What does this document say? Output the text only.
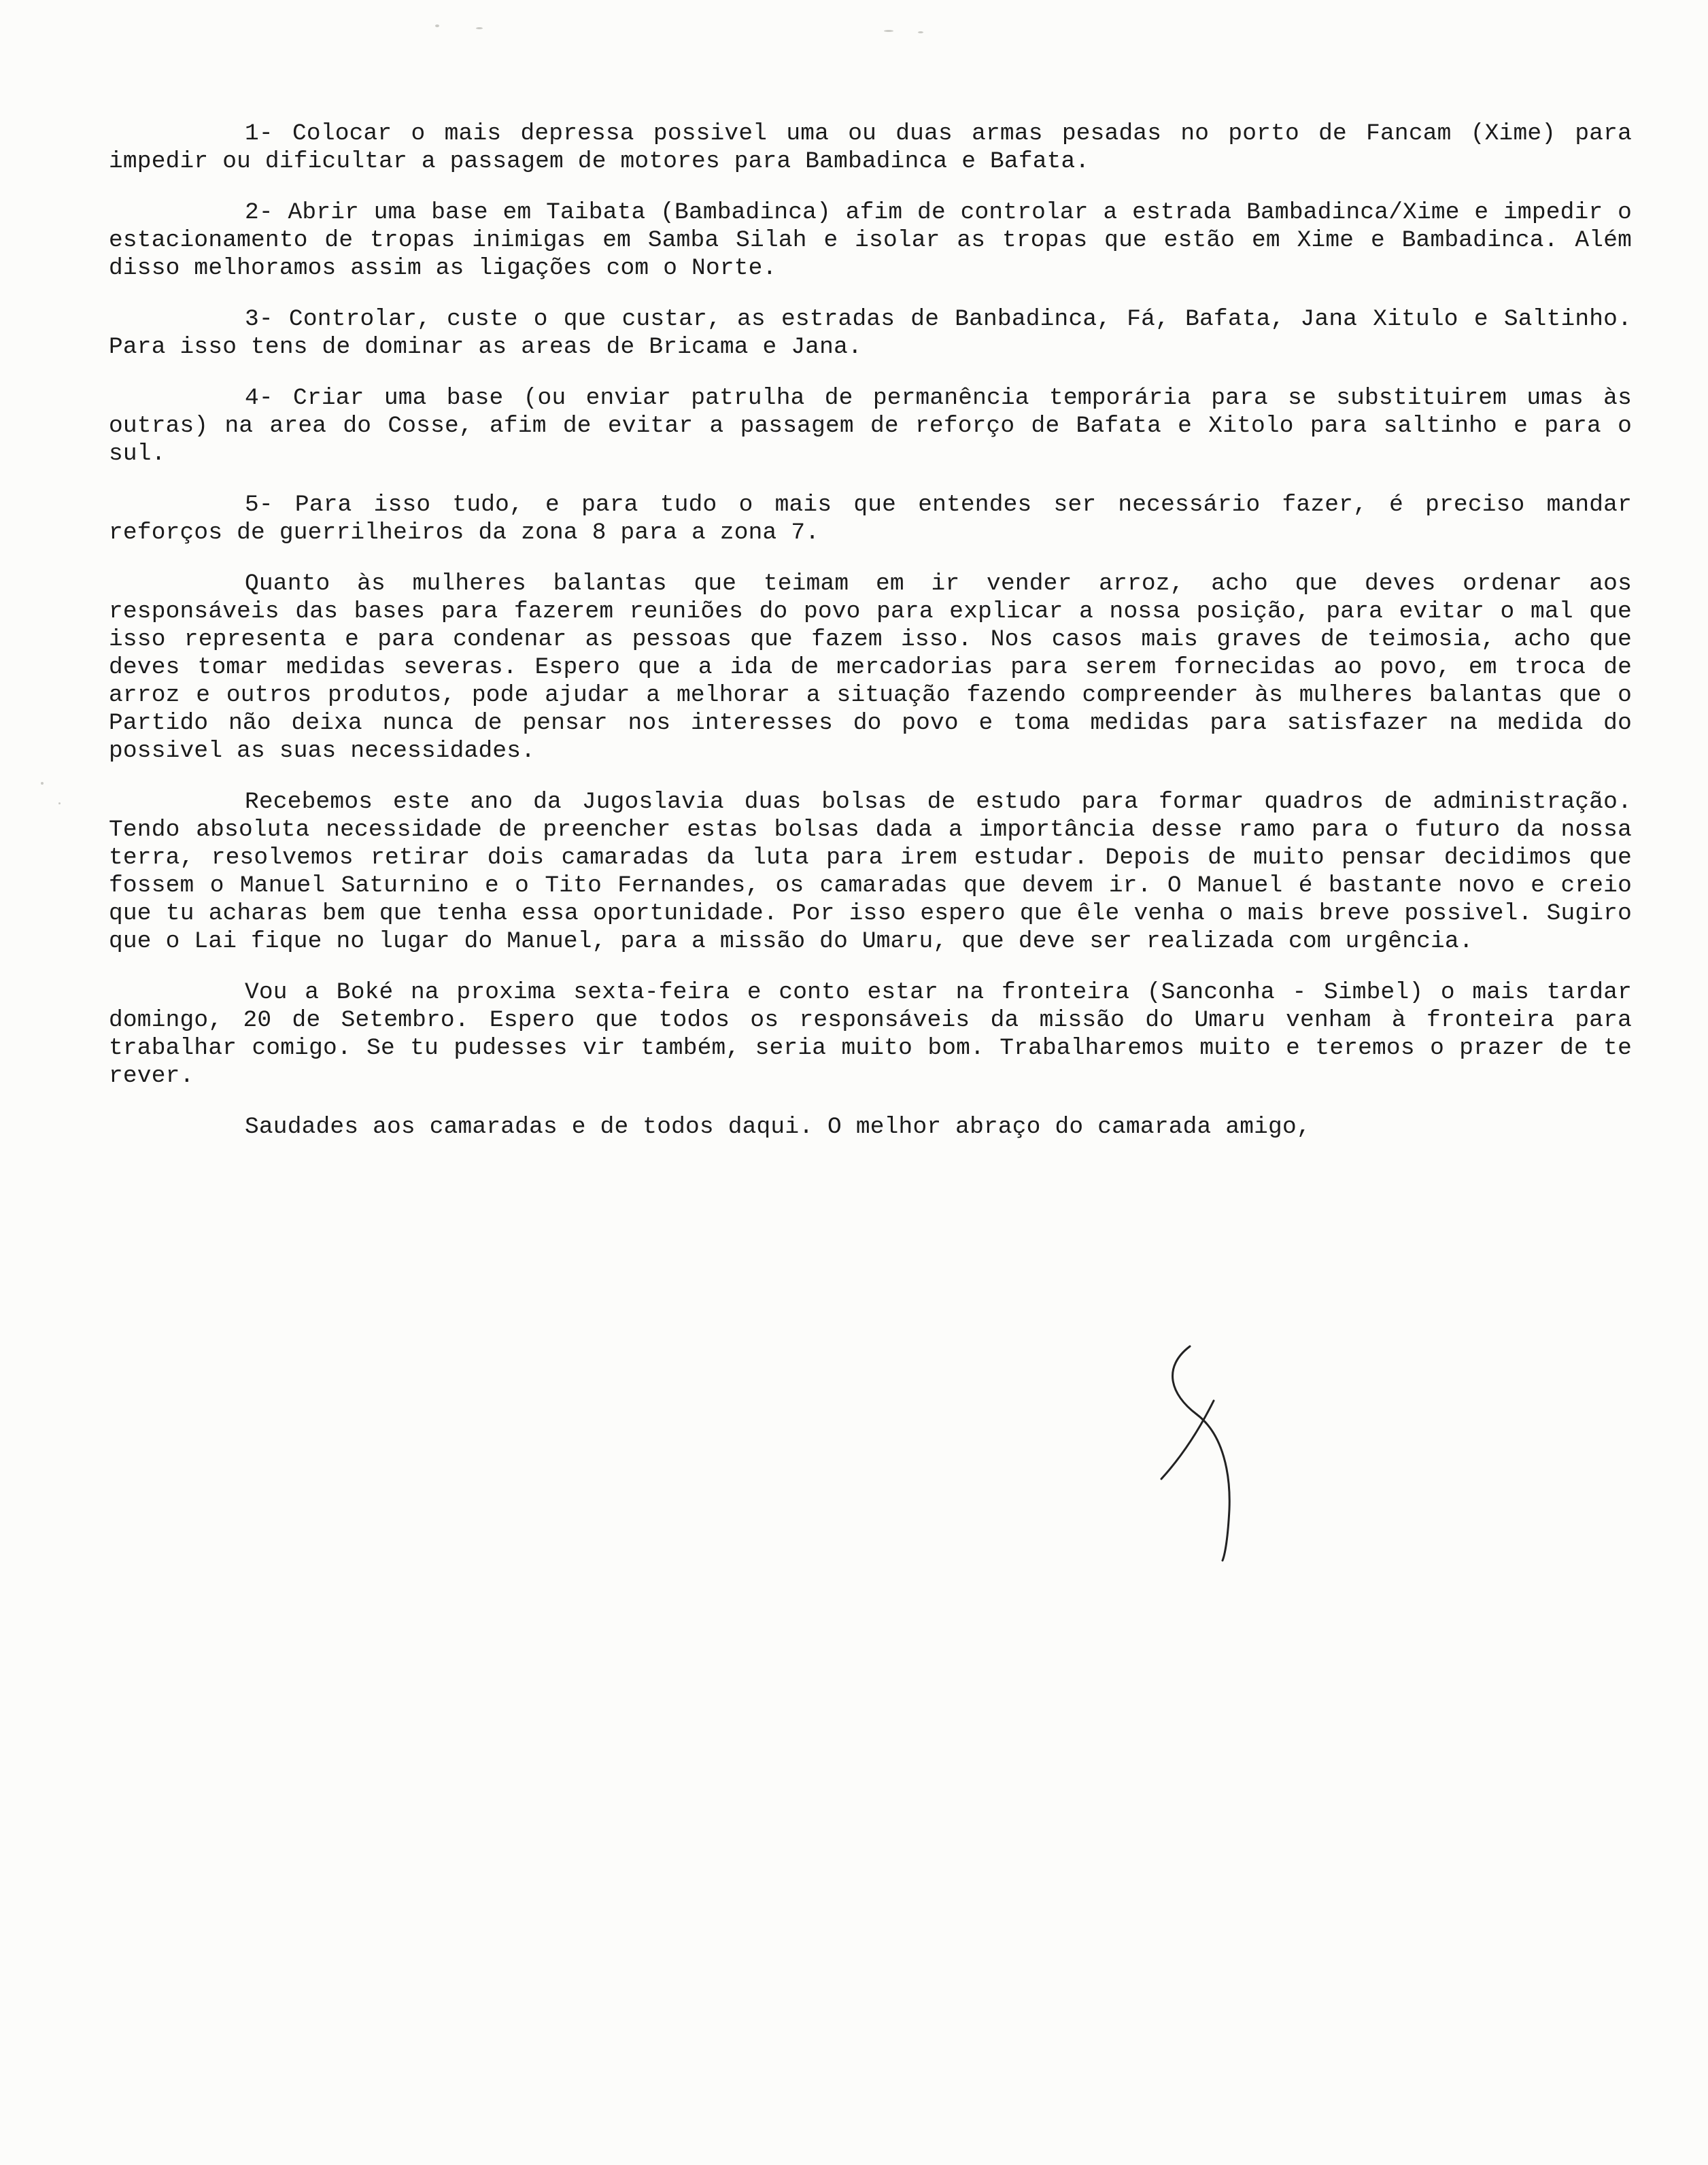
1- Colocar o mais depressa possivel uma ou duas armas pesadas no porto de Fancam (Xime) para impedir ou dificultar a passagem de motores para Bambadinca e Bafata.

2- Abrir uma base em Taibata (Bambadinca) afim de controlar a estrada Bambadinca/Xime e impedir o estacionamento de tropas inimigas em Samba Silah e isolar as tropas que estão em Xime e Bambadinca. Além disso melhoramos assim as ligações com o Norte.

3- Controlar, custe o que custar, as estradas de Banbadinca, Fá, Bafata, Jana Xitulo e Saltinho. Para isso tens de dominar as areas de Bricama e Jana.

4- Criar uma base (ou enviar patrulha de permanência temporária para se substituirem umas às outras) na area do Cosse, afim de evitar a passagem de reforço de Bafata e Xitolo para saltinho e para o sul.

5- Para isso tudo, e para tudo o mais que entendes ser necessário fazer, é preciso mandar reforços de guerrilheiros da zona 8 para a zona 7.

Quanto às mulheres balantas que teimam em ir vender arroz, acho que deves ordenar aos responsáveis das bases para fazerem reuniões do povo para explicar a nossa posição, para evitar o mal que isso representa e para condenar as pessoas que fazem isso. Nos casos mais graves de teimosia, acho que deves tomar medidas severas. Espero que a ida de mercadorias para serem fornecidas ao povo, em troca de arroz e outros produtos, pode ajudar a melhorar a situação fazendo compreender às mulheres balantas que o Partido não deixa nunca de pensar nos interesses do povo e toma medidas para satisfazer na medida do possivel as suas necessidades.

Recebemos este ano da Jugoslavia duas bolsas de estudo para formar quadros de administração. Tendo absoluta necessidade de preencher estas bolsas dada a importância desse ramo para o futuro da nossa terra, resolvemos retirar dois camaradas da luta para irem estudar. Depois de muito pensar decidimos que fossem o Manuel Saturnino e o Tito Fernandes, os camaradas que devem ir. O Manuel é bastante novo e creio que tu acharas bem que tenha essa oportunidade. Por isso espero que êle venha o mais breve possivel. Sugiro que o Lai fique no lugar do Manuel, para a missão do Umaru, que deve ser realizada com urgência.

Vou a Boké na proxima sexta-feira e conto estar na fronteira (Sanconha - Simbel) o mais tardar domingo, 20 de Setembro. Espero que todos os responsáveis da missão do Umaru venham à fronteira para trabalhar comigo. Se tu pudesses vir também, seria muito bom. Trabalharemos muito e teremos o prazer de te rever.

Saudades aos camaradas e de todos daqui. O melhor abraço do camarada amigo,
